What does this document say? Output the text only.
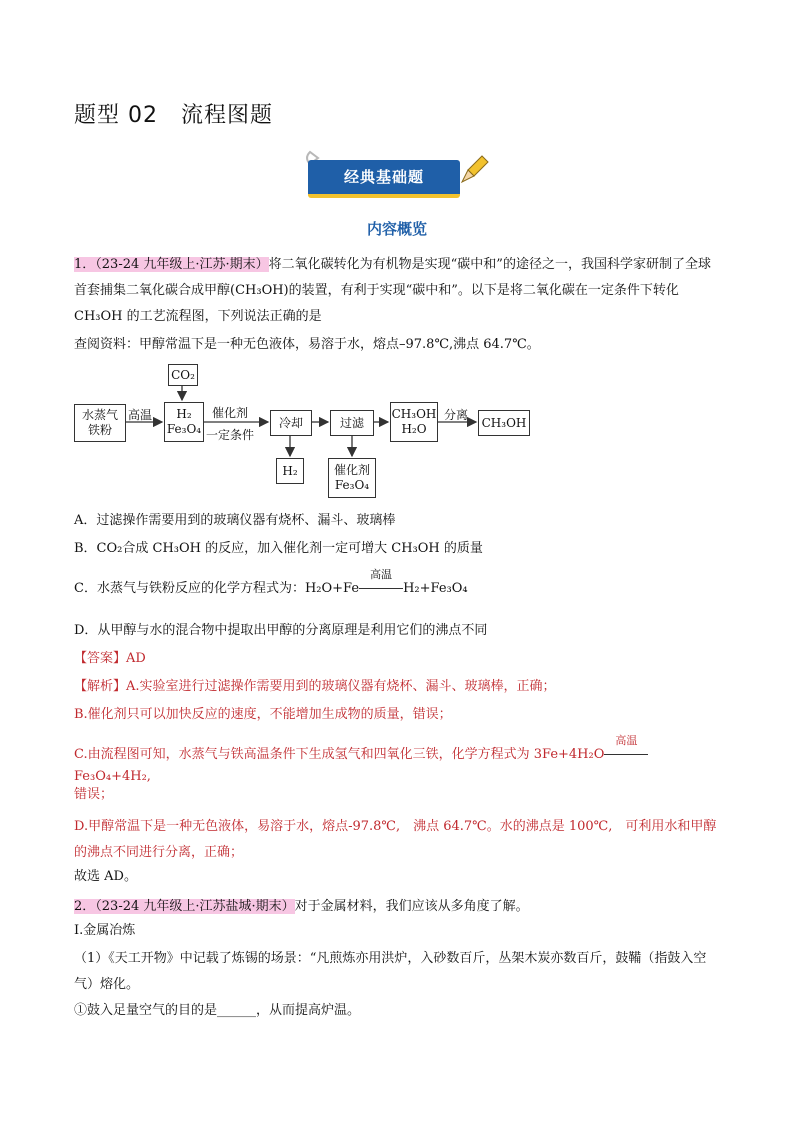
题型 02　流程图题
经典基础题
内容概览
1．（23-24 九年级上·江苏·期末）将二氧化碳转化为有机物是实现“碳中和”的途径之一，我国科学家研制了全球首套捕集二氧化碳合成甲醇(CH₃OH)的装置，有利于实现“碳中和”。以下是将二氧化碳在一定条件下转化 CH₃OH 的工艺流程图，下列说法正确的是
查阅资料：甲醇常温下是一种无色液体，易溶于水，熔点–97.8℃,沸点 64.7℃。
CO₂
水蒸气
铁粉
高温 H₂
Fe₃O₄
催化剂
一定条件
冷却
H₂
过滤
催化剂
Fe₃O₄
CH₃OH
H₂O
分离
CH₃OH
A．过滤操作需要用到的玻璃仪器有烧杯、漏斗、玻璃棒
B．CO₂合成 CH₃OH 的反应，加入催化剂一定可增大 CH₃OH 的质量
C．水蒸气与铁粉反应的化学方程式为：H₂O+Fe
高温
H₂+Fe₃O₄
D．从甲醇与水的混合物中提取出甲醇的分离原理是利用它们的沸点不同
【答案】AD
【解析】A.实验室进行过滤操作需要用到的玻璃仪器有烧杯、漏斗、玻璃棒，正确；
B.催化剂只可以加快反应的速度，不能增加生成物的质量，错误；
C.由流程图可知，水蒸气与铁高温条件下生成氢气和四氧化三铁，化学方程式为 3Fe+4H₂O
高温
Fe₃O₄+4H₂,
错误；
D.甲醇常温下是一种无色液体，易溶于水，熔点-97.8℃,　沸点 64.7℃。水的沸点是 100℃,　可利用水和甲醇的沸点不同进行分离，正确；
故选 AD。
2．（23-24 九年级上·江苏盐城·期末）对于金属材料，我们应该从多角度了解。
Ⅰ.金属冶炼
（1）《天工开物》中记载了炼锡的场景：“凡煎炼亦用洪炉，入砂数百斤，丛架木炭亦数百斤，鼓鞴（指鼓入空气）熔化。
①鼓入足量空气的目的是______，从而提高炉温。
